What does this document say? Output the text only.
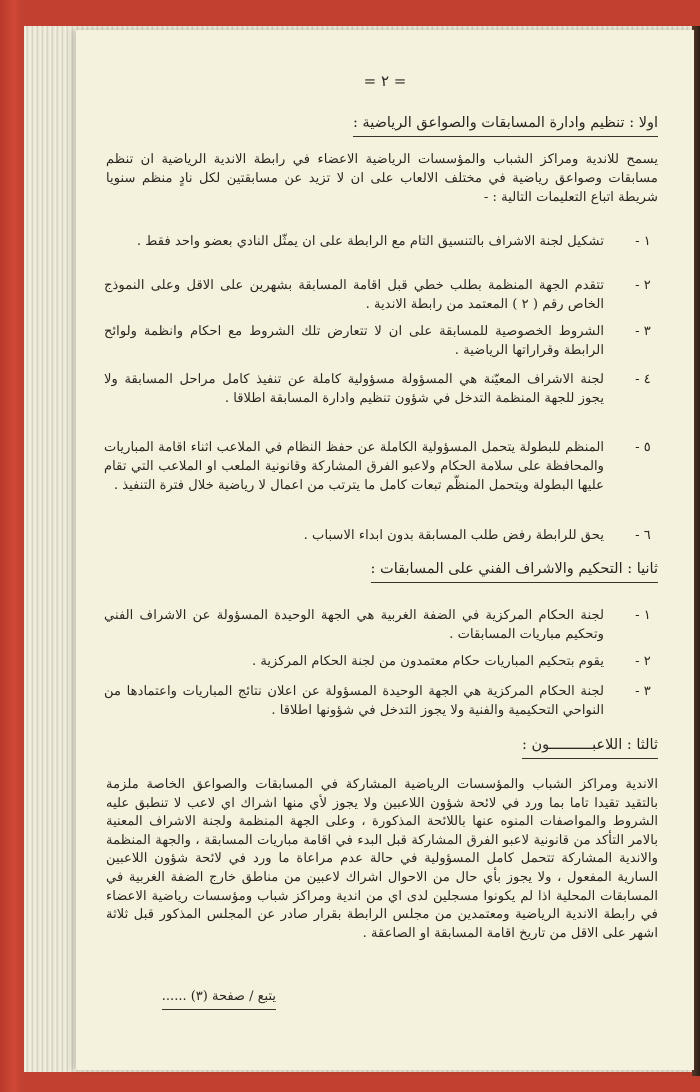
= ٢ =
اولا : تنظيم وادارة المسابقات والصواعق الرياضية :
يسمح للاندية ومراكز الشباب والمؤسسات الرياضية الاعضاء في رابطة الاندية الرياضية ان تنظم مسابقات وصواعق رياضية في مختلف الالعاب على ان لا تزيد عن مسابقتين لكل نادٍ منظم سنويا شريطة اتباع التعليمات التالية : -
١ -
تشكيل لجنة الاشراف بالتنسيق التام مع الرابطة على ان يمثّل النادي بعضو واحد فقط .
٢ -
تتقدم الجهة المنظمة بطلب خطي قبل اقامة المسابقة بشهرين على الاقل وعلى النموذج الخاص رقم ( ٢ ) المعتمد من رابطة الاندية .
٣ -
الشروط الخصوصية للمسابقة على ان لا تتعارض تلك الشروط مع احكام وانظمة ولوائح الرابطة وقراراتها الرياضية .
٤ -
لجنة الاشراف المعيّنة هي المسؤولة مسؤولية كاملة عن تنفيذ كامل مراحل المسابقة ولا يجوز للجهة المنظمة التدخل في شؤون تنظيم وادارة المسابقة اطلاقا .
٥ -
المنظم للبطولة يتحمل المسؤولية الكاملة عن حفظ النظام في الملاعب اثناء اقامة المباريات والمحافظة على سلامة الحكام ولاعبو الفرق المشاركة وقانونية الملعب او الملاعب التي تقام عليها البطولة ويتحمل المنظّم تبعات كامل ما يترتب من اعمال لا رياضية خلال فترة التنفيذ .
٦ -
يحق للرابطة رفض طلب المسابقة بدون ابداء الاسباب .
ثانيا : التحكيم والاشراف الفني على المسابقات :
١ -
لجنة الحكام المركزية في الضفة الغربية هي الجهة الوحيدة المسؤولة عن الاشراف الفني وتحكيم مباريات المسابقات .
٢ -
يقوم بتحكيم المباريات حكام معتمدون من لجنة الحكام المركزية .
٣ -
لجنة الحكام المركزية هي الجهة الوحيدة المسؤولة عن اعلان نتائج المباريات واعتمادها من النواحي التحكيمية والفنية ولا يجوز التدخل في شؤونها اطلاقا .
ثالثا : اللاعبــــــــــون :
الاندية ومراكز الشباب والمؤسسات الرياضية المشاركة في المسابقات والصواعق الخاصة ملزمة بالتقيد تقيدا تاما بما ورد في لائحة شؤون اللاعبين ولا يجوز لأي منها اشراك اي لاعب لا تنطبق عليه الشروط والمواصفات المنوه عنها باللائحة المذكورة ، وعلى الجهة المنظمة ولجنة الاشراف المعنية بالامر التأكد من قانونية لاعبو الفرق المشاركة قبل البدء في اقامة مباريات المسابقة ، والجهة المنظمة والاندية المشاركة تتحمل كامل المسؤولية في حالة عدم مراعاة ما ورد في لائحة شؤون اللاعبين السارية المفعول ، ولا يجوز بأي حال من الاحوال اشراك لاعبين من مناطق خارج الضفة الغربية في المسابقات المحلية اذا لم يكونوا مسجلين لدى اي من اندية ومراكز شباب ومؤسسات رياضية الاعضاء في رابطة الاندية الرياضية ومعتمدين من مجلس الرابطة بقرار صادر عن المجلس المذكور قبل ثلاثة اشهر على الاقل من تاريخ اقامة المسابقة او الصاعقة .
يتبع / صفحة (٣) ......
